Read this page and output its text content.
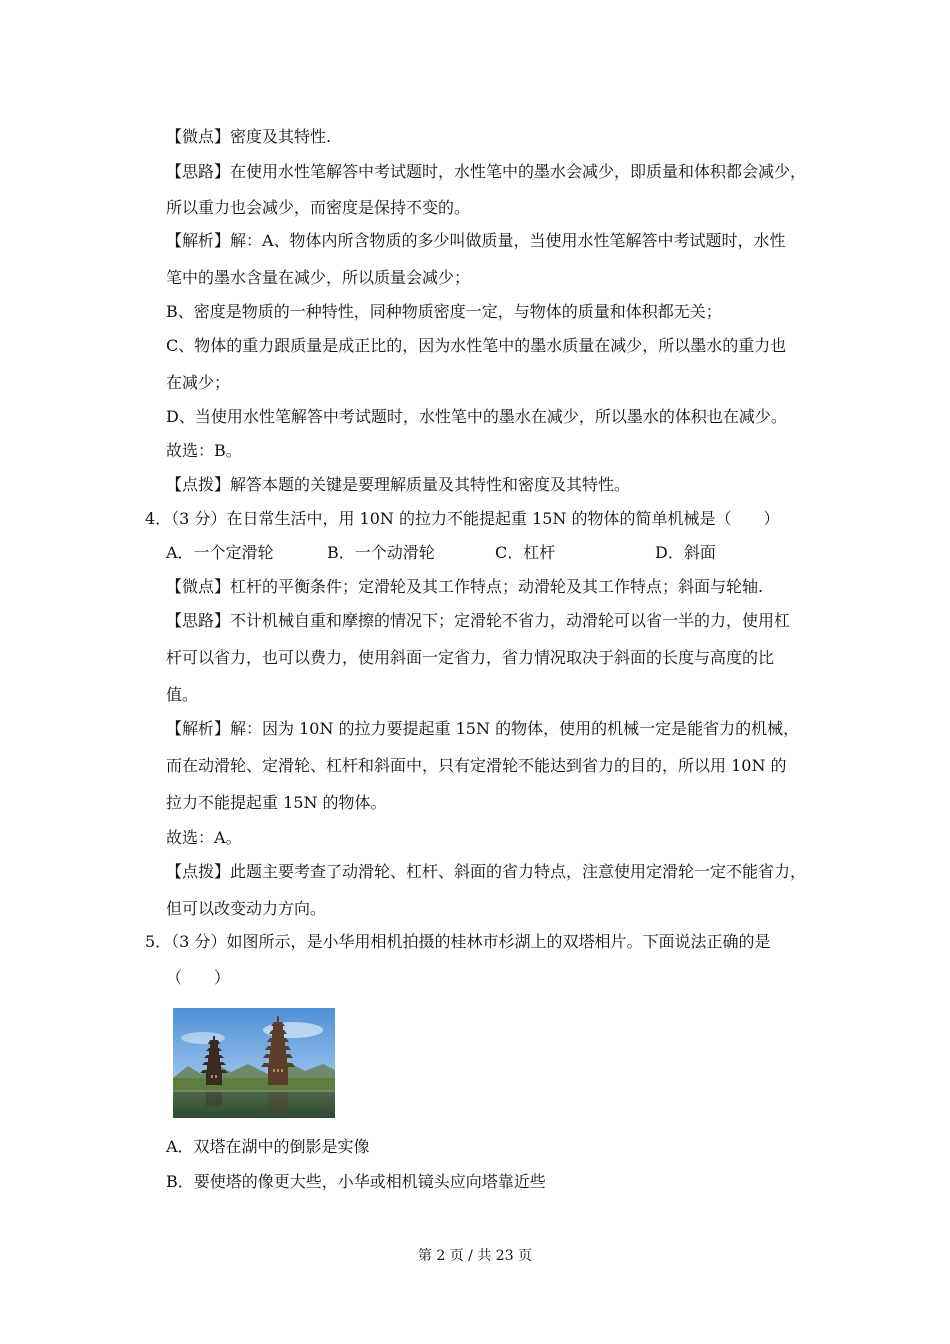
【微点】密度及其特性.
【思路】在使用水性笔解答中考试题时，水性笔中的墨水会减少，即质量和体积都会减少，
所以重力也会减少，而密度是保持不变的。
【解析】解：A、物体内所含物质的多少叫做质量，当使用水性笔解答中考试题时，水性
笔中的墨水含量在减少，所以质量会减少；
B、密度是物质的一种特性，同种物质密度一定，与物体的质量和体积都无关；
C、物体的重力跟质量是成正比的，因为水性笔中的墨水质量在减少，所以墨水的重力也
在减少；
D、当使用水性笔解答中考试题时，水性笔中的墨水在减少，所以墨水的体积也在减少。
故选：B。
【点拨】解答本题的关键是要理解质量及其特性和密度及其特性。
4．（3 分）在日常生活中，用 10N 的拉力不能提起重 15N 的物体的简单机械是（　　）
A．一个定滑轮	B．一个动滑轮	C．杠杆	D．斜面
【微点】杠杆的平衡条件；定滑轮及其工作特点；动滑轮及其工作特点；斜面与轮轴.
【思路】不计机械自重和摩擦的情况下；定滑轮不省力，动滑轮可以省一半的力，使用杠
杆可以省力，也可以费力，使用斜面一定省力，省力情况取决于斜面的长度与高度的比
值。
【解析】解：因为 10N 的拉力要提起重 15N 的物体，使用的机械一定是能省力的机械，
而在动滑轮、定滑轮、杠杆和斜面中，只有定滑轮不能达到省力的目的，所以用 10N 的
拉力不能提起重 15N 的物体。
故选：A。
【点拨】此题主要考查了动滑轮、杠杆、斜面的省力特点，注意使用定滑轮一定不能省力，
但可以改变动力方向。
5．（3 分）如图所示，是小华用相机拍摄的桂林市杉湖上的双塔相片。下面说法正确的是
（　　）
A．双塔在湖中的倒影是实像
B．要使塔的像更大些，小华或相机镜头应向塔靠近些
第 2 页 / 共 23 页
